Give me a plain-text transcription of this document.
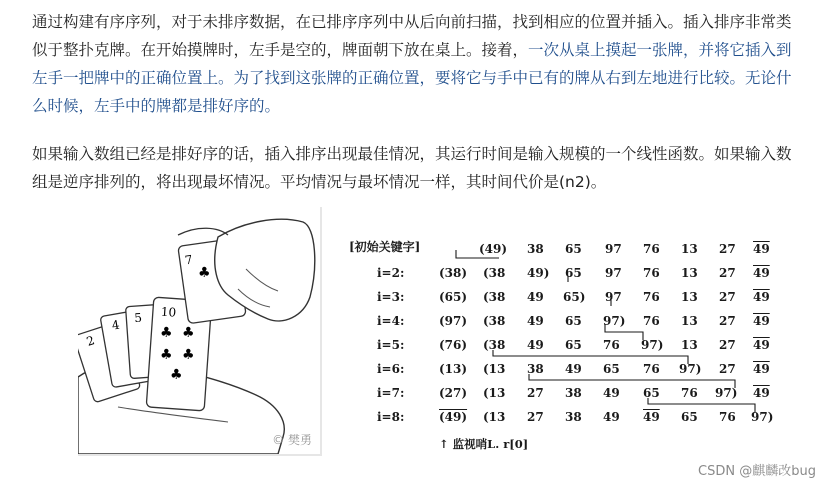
通过构建有序序列，对于未排序数据，在已排序序列中从后向前扫描，找到相应的位置并插入。插入排序非常类似于整扑克牌。在开始摸牌时，左手是空的，牌面朝下放在桌上。接着，一次从桌上摸起一张牌，并将它插入到左手一把牌中的正确位置上。为了找到这张牌的正确位置，要将它与手中已有的牌从右到左地进行比较。无论什么时候，左手中的牌都是排好序的。
如果输入数组已经是排好序的话，插入排序出现最佳情况，其运行时间是输入规模的一个线性函数。如果输入数组是逆序排列的，将出现最坏情况。平均情况与最坏情况一样，其时间代价是(n2)。
2
4 5 10
♣ ♣
♣ ♣
♣
7
♣
© 樊勇
[初始关键字]	(49) 38 65 97 76 13 27 49
i=2:	(38) (38 49) 65 97 76 13 27 49
i=3:	(65) (38 49 65) 97 76 13 27 49
i=4:	(97) (38 49 65 97) 76 13 27 49
i=5:	(76) (38 49 65 76 97) 13 27 49
i=6:	(13) (13 38 49 65 76 97) 27 49
i=7:	(27) (13 27 38 49 65 76 97) 49
i=8:	(49) (13 27 38 49 49 65 76 97)
↑ 监视哨L. r[0]
CSDN @麒麟改bug
